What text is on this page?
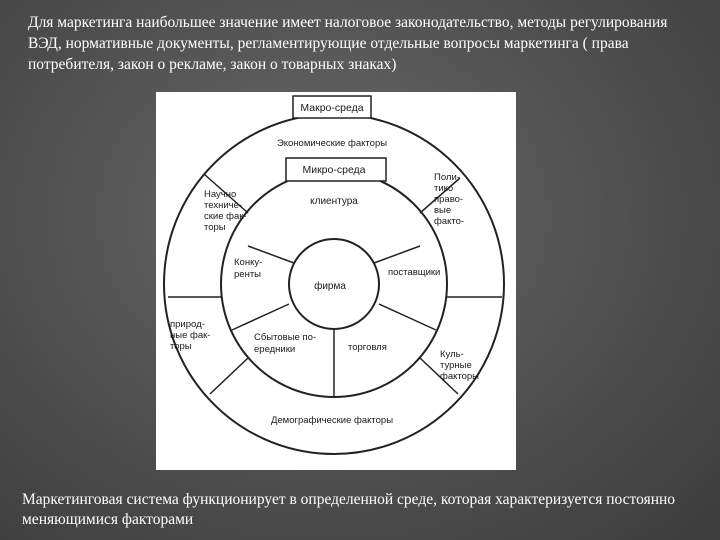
Для маркетинга наибольшее значение имеет налоговое законодательство, методы регулирования ВЭД, нормативные документы, регламентирующие отдельные вопросы маркетинга ( права потребителя, закон о рекламе, закон о товарных знаках)
Макро-среда
Экономические факторы
Микро-среда
клиентура
Научно техниче- ские фак- торы
Поли- тико право- вые факто-
Конку- ренты	поставщики
фирма
природ- ные фак- торы
Сбытовые по- ередники	торговля
Куль- турные факторы
Демографические факторы
Маркетинговая система функционирует в определенной среде, которая характеризуется постоянно меняющимися факторами
